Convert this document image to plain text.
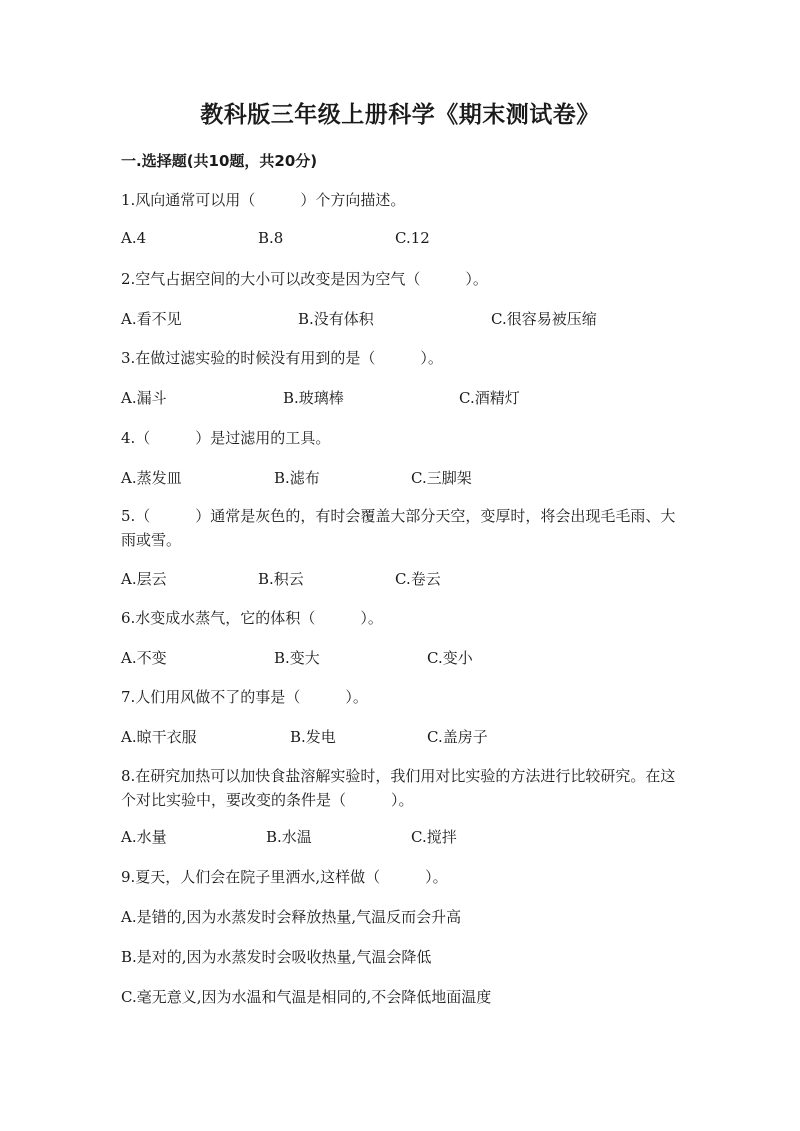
教科版三年级上册科学《期末测试卷》
一.选择题(共10题，共20分)
1.风向通常可以用（　　　）个方向描述。
A.4	B.8	C.12
2.空气占据空间的大小可以改变是因为空气（　　　）。
A.看不见	B.没有体积	C.很容易被压缩
3.在做过滤实验的时候没有用到的是（　　　）。
A.漏斗	B.玻璃棒	C.酒精灯
4.（　　　）是过滤用的工具。
A.蒸发皿	B.滤布	C.三脚架
5.（　　　）通常是灰色的，有时会覆盖大部分天空，变厚时，将会出现毛毛雨、大雨或雪。
A.层云	B.积云	C.卷云
6.水变成水蒸气，它的体积（　　　）。
A.不变	B.变大	C.变小
7.人们用风做不了的事是（　　　）。
A.晾干衣服	B.发电	C.盖房子
8.在研究加热可以加快食盐溶解实验时，我们用对比实验的方法进行比较研究。在这个对比实验中，要改变的条件是（　　　）。
A.水量	B.水温	C.搅拌
9.夏天，人们会在院子里洒水,这样做（　　　）。
A.是错的,因为水蒸发时会释放热量,气温反而会升高
B.是对的,因为水蒸发时会吸收热量,气温会降低
C.毫无意义,因为水温和气温是相同的,不会降低地面温度
